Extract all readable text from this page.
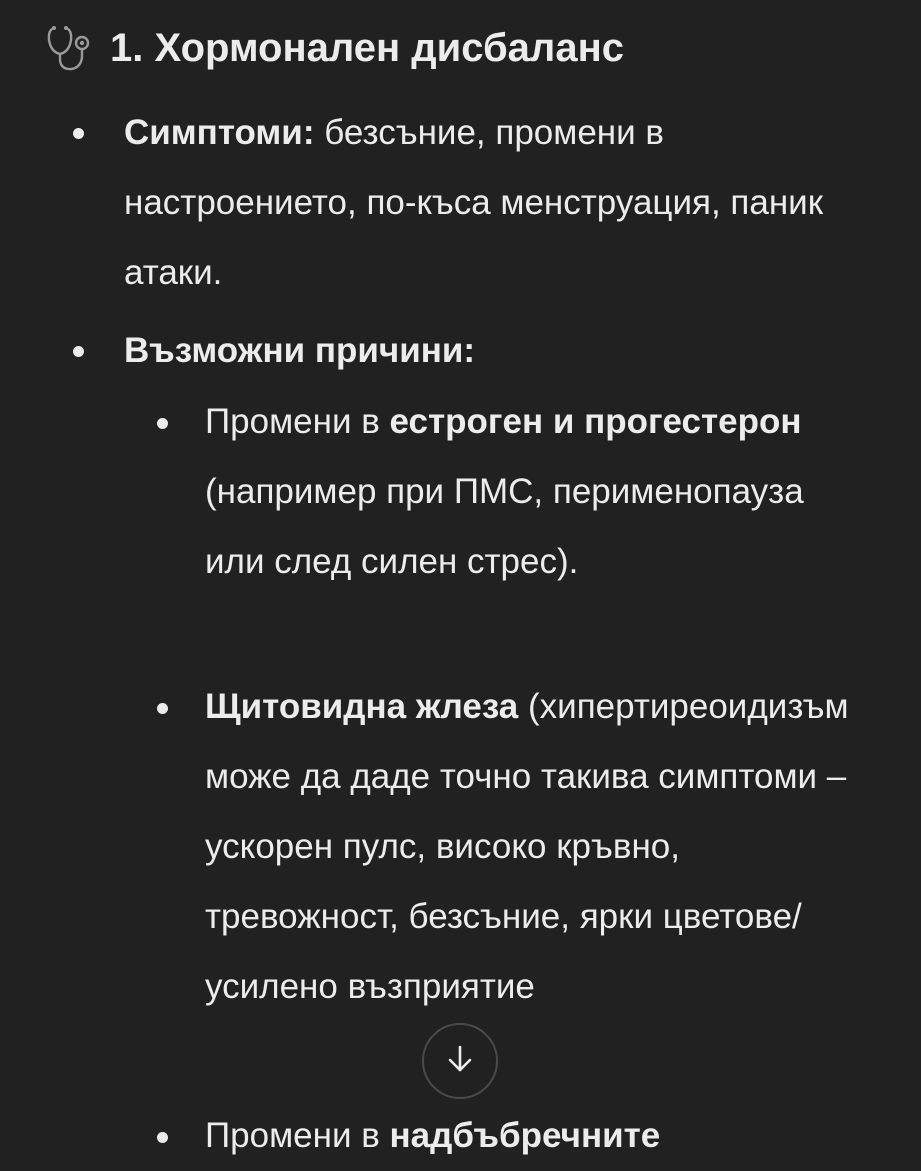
1. Хормонален дисбаланс
Симптоми: безсъние, промени в настроението, по-къса менструация, паник атаки.
Възможни причини:
Промени в естроген и прогестерон (например при ПМС, перименопауза или след силен стрес).
Щитовидна жлеза (хипертиреоидизъм може да даде точно такива симптоми – ускорен пулс, високо кръвно, тревожност, безсъние, ярки цветове/усилено възприятие
Промени в надбъбречните
